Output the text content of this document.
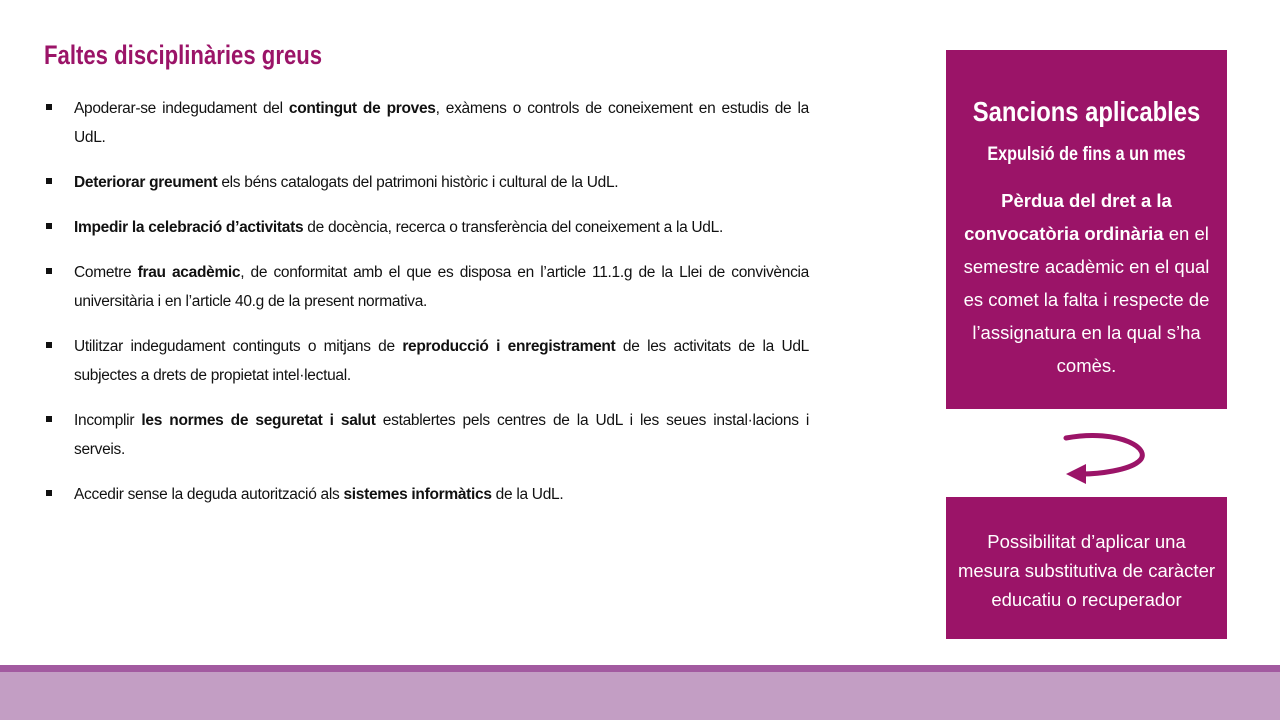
Faltes disciplinàries greus
Apoderar-se indegudament del contingut de proves, exàmens o controls de coneixement en estudis de la UdL.
Deteriorar greument els béns catalogats del patrimoni històric i cultural de la UdL.
Impedir la celebració d’activitats de docència, recerca o transferència del coneixement a la UdL.
Cometre frau acadèmic, de conformitat amb el que es disposa en l’article 11.1.g de la Llei de convivència universitària i en l’article 40.g de la present normativa.
Utilitzar indegudament continguts o mitjans de reproducció i enregistrament de les activitats de la UdL subjectes a drets de propietat intel·lectual.
Incomplir les normes de seguretat i salut establertes pels centres de la UdL i les seues instal·lacions i serveis.
Accedir sense la deguda autorització als sistemes informàtics de la UdL.
Sancions aplicables
Expulsió de fins a un mes
Pèrdua del dret a la convocatòria ordinària en el semestre acadèmic en el qual es comet la falta i respecte de l’assignatura en la qual s’ha comès.
Possibilitat d’aplicar una mesura substitutiva de caràcter educatiu o recuperador
